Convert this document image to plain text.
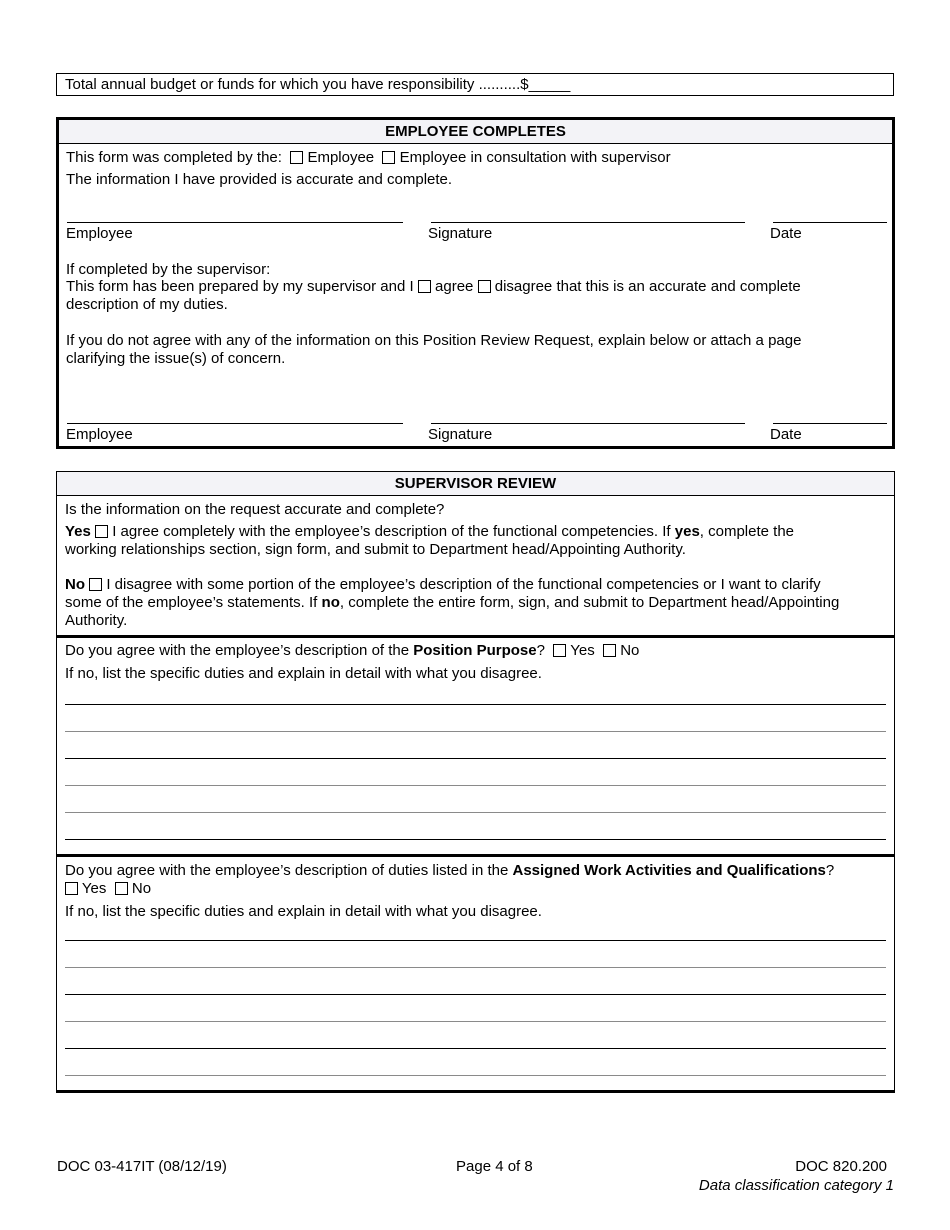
Total annual budget or funds for which you have responsibility ..........$_____
EMPLOYEE COMPLETES
This form was completed by the: Employee Employee in consultation with supervisor
The information I have provided is accurate and complete.
Employee	Signature	Date
If completed by the supervisor:
This form has been prepared by my supervisor and I agree disagree that this is an accurate and complete
description of my duties.
If you do not agree with any of the information on this Position Review Request, explain below or attach a page
clarifying the issue(s) of concern.
Employee	Signature	Date
SUPERVISOR REVIEW
Is the information on the request accurate and complete?
Yes I agree completely with the employee’s description of the functional competencies. If yes, complete the
working relationships section, sign form, and submit to Department head/Appointing Authority.
No I disagree with some portion of the employee’s description of the functional competencies or I want to clarify
some of the employee’s statements. If no, complete the entire form, sign, and submit to Department head/Appointing
Authority.
Do you agree with the employee’s description of the Position Purpose? Yes No
If no, list the specific duties and explain in detail with what you disagree.
Do you agree with the employee’s description of duties listed in the Assigned Work Activities and Qualifications?
Yes No
If no, list the specific duties and explain in detail with what you disagree.
DOC 03-417IT (08/12/19)	Page 4 of 8	DOC 820.200
Data classification category 1
